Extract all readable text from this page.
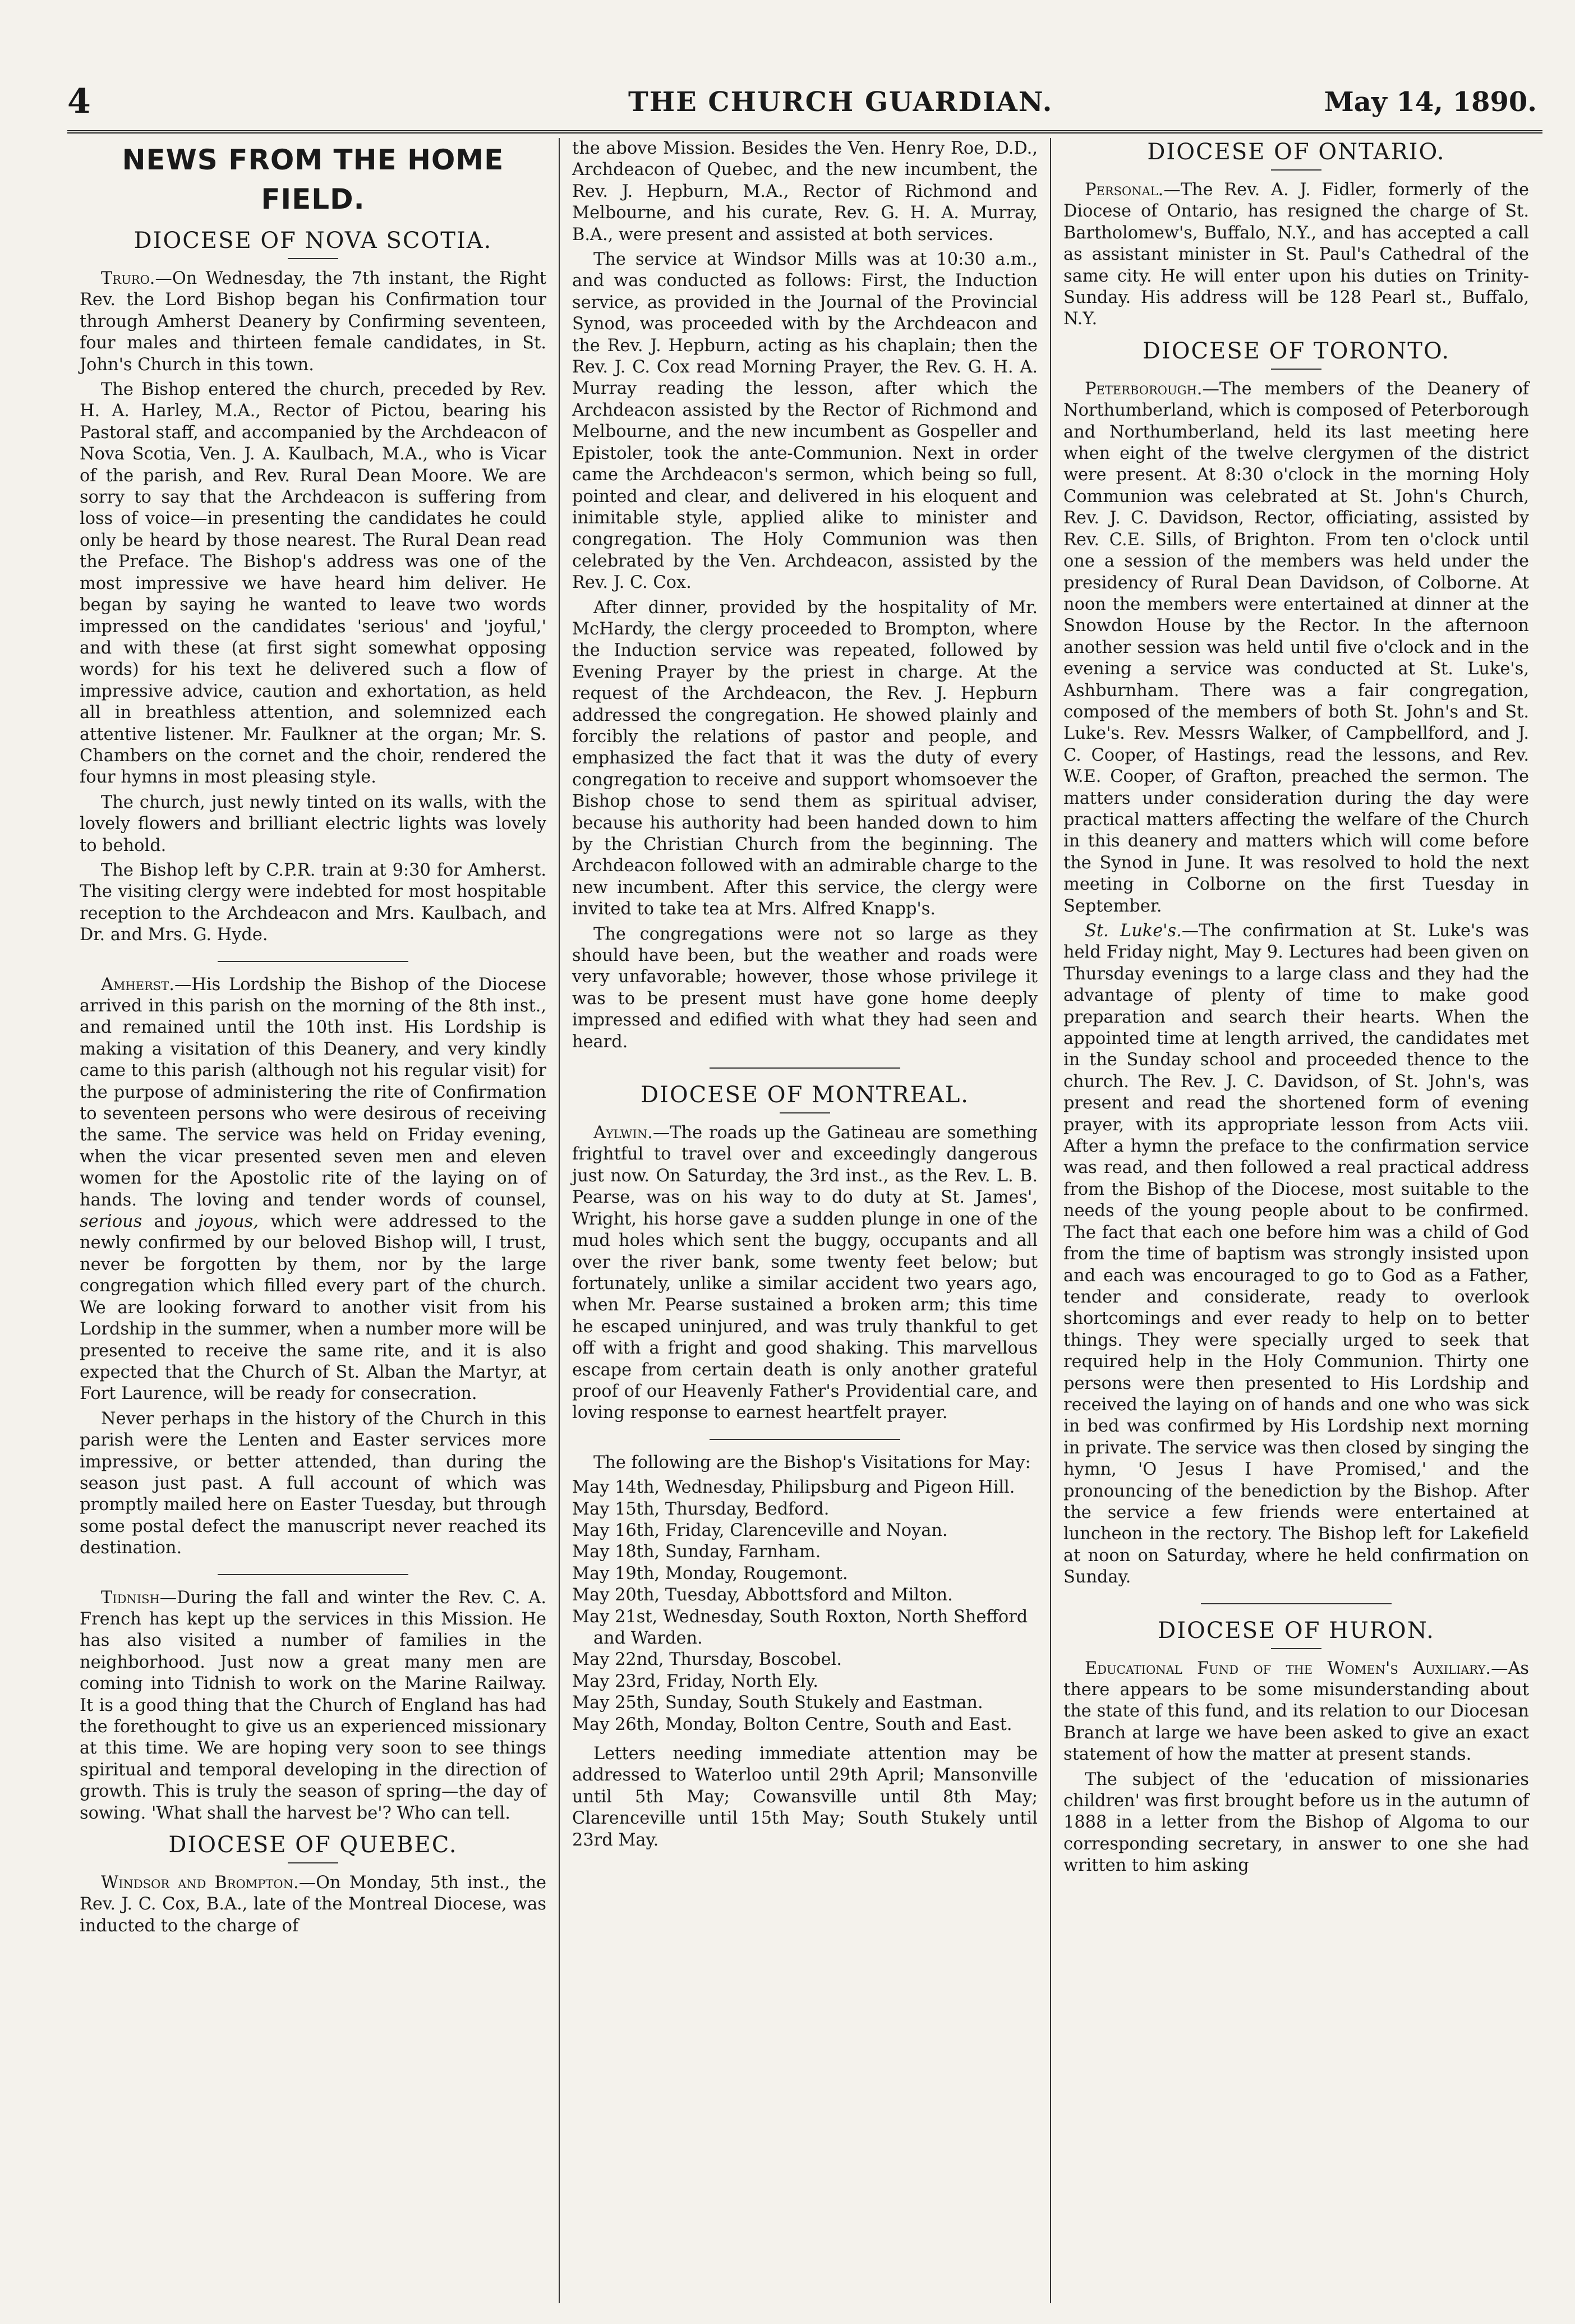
4	THE CHURCH GUARDIAN.	May 14, 1890.
NEWS FROM THE HOME FIELD.
DIOCESE OF NOVA SCOTIA.

Truro.—On Wednesday, the 7th instant, the Right Rev. the Lord Bishop began his Confirmation tour through Amherst Deanery by Confirming seventeen, four males and thirteen female candidates, in St. John's Church in this town.

The Bishop entered the church, preceded by Rev. H. A. Harley, M.A., Rector of Pictou, bearing his Pastoral staff, and accompanied by the Archdeacon of Nova Scotia, Ven. J. A. Kaulbach, M.A., who is Vicar of the parish, and Rev. Rural Dean Moore. We are sorry to say that the Archdeacon is suffering from loss of voice—in presenting the candidates he could only be heard by those nearest. The Rural Dean read the Preface. The Bishop's address was one of the most impressive we have heard him deliver. He began by saying he wanted to leave two words impressed on the candidates 'serious' and 'joyful,' and with these (at first sight somewhat opposing words) for his text he delivered such a flow of impressive advice, caution and exhortation, as held all in breathless attention, and solemnized each attentive listener. Mr. Faulkner at the organ; Mr. S. Chambers on the cornet and the choir, rendered the four hymns in most pleasing style.

The church, just newly tinted on its walls, with the lovely flowers and brilliant electric lights was lovely to behold.

The Bishop left by C.P.R. train at 9:30 for Amherst. The visiting clergy were indebted for most hospitable reception to the Archdeacon and Mrs. Kaulbach, and Dr. and Mrs. G. Hyde.

Amherst.—His Lordship the Bishop of the Diocese arrived in this parish on the morning of the 8th inst., and remained until the 10th inst. His Lordship is making a visitation of this Deanery, and very kindly came to this parish (although not his regular visit) for the purpose of administering the rite of Confirmation to seventeen persons who were desirous of receiving the same. The service was held on Friday evening, when the vicar presented seven men and eleven women for the Apostolic rite of the laying on of hands. The loving and tender words of counsel, serious and joyous, which were addressed to the newly confirmed by our beloved Bishop will, I trust, never be forgotten by them, nor by the large congregation which filled every part of the church. We are looking forward to another visit from his Lordship in the summer, when a number more will be presented to receive the same rite, and it is also expected that the Church of St. Alban the Martyr, at Fort Laurence, will be ready for consecration.

Never perhaps in the history of the Church in this parish were the Lenten and Easter services more impressive, or better attended, than during the season just past. A full account of which was promptly mailed here on Easter Tuesday, but through some postal defect the manuscript never reached its destination.

Tidnish—During the fall and winter the Rev. C. A. French has kept up the services in this Mission. He has also visited a number of families in the neighborhood. Just now a great many men are coming into Tidnish to work on the Marine Railway. It is a good thing that the Church of England has had the forethought to give us an experienced missionary at this time. We are hoping very soon to see things spiritual and temporal developing in the direction of growth. This is truly the season of spring—the day of sowing. 'What shall the harvest be'? Who can tell.

DIOCESE OF QUEBEC.

Windsor and Brompton.—On Monday, 5th inst., the Rev. J. C. Cox, B.A., late of the Montreal Diocese, was inducted to the charge of

the above Mission. Besides the Ven. Henry Roe, D.D., Archdeacon of Quebec, and the new incumbent, the Rev. J. Hepburn, M.A., Rector of Richmond and Melbourne, and his curate, Rev. G. H. A. Murray, B.A., were present and assisted at both services.

The service at Windsor Mills was at 10:30 a.m., and was conducted as follows: First, the Induction service, as provided in the Journal of the Provincial Synod, was proceeded with by the Archdeacon and the Rev. J. Hepburn, acting as his chaplain; then the Rev. J. C. Cox read Morning Prayer, the Rev. G. H. A. Murray reading the lesson, after which the Archdeacon assisted by the Rector of Richmond and Melbourne, and the new incumbent as Gospeller and Epistoler, took the ante-Communion. Next in order came the Archdeacon's sermon, which being so full, pointed and clear, and delivered in his eloquent and inimitable style, applied alike to minister and congregation. The Holy Communion was then celebrated by the Ven. Archdeacon, assisted by the Rev. J. C. Cox.

After dinner, provided by the hospitality of Mr. McHardy, the clergy proceeded to Brompton, where the Induction service was repeated, followed by Evening Prayer by the priest in charge. At the request of the Archdeacon, the Rev. J. Hepburn addressed the congregation. He showed plainly and forcibly the relations of pastor and people, and emphasized the fact that it was the duty of every congregation to receive and support whomsoever the Bishop chose to send them as spiritual adviser, because his authority had been handed down to him by the Christian Church from the beginning. The Archdeacon followed with an admirable charge to the new incumbent. After this service, the clergy were invited to take tea at Mrs. Alfred Knapp's.

The congregations were not so large as they should have been, but the weather and roads were very unfavorable; however, those whose privilege it was to be present must have gone home deeply impressed and edified with what they had seen and heard.

DIOCESE OF MONTREAL.

Aylwin.—The roads up the Gatineau are something frightful to travel over and exceedingly dangerous just now. On Saturday, the 3rd inst., as the Rev. L. B. Pearse, was on his way to do duty at St. James', Wright, his horse gave a sudden plunge in one of the mud holes which sent the buggy, occupants and all over the river bank, some twenty feet below; but fortunately, unlike a similar accident two years ago, when Mr. Pearse sustained a broken arm; this time he escaped uninjured, and was truly thankful to get off with a fright and good shaking. This marvellous escape from certain death is only another grateful proof of our Heavenly Father's Providential care, and loving response to earnest heartfelt prayer.

The following are the Bishop's Visitations for May:

May 14th, Wednesday, Philipsburg and Pigeon Hill.

May 15th, Thursday, Bedford.

May 16th, Friday, Clarenceville and Noyan.

May 18th, Sunday, Farnham.

May 19th, Monday, Rougemont.

May 20th, Tuesday, Abbottsford and Milton.

May 21st, Wednesday, South Roxton, North Shefford and Warden.

May 22nd, Thursday, Boscobel.

May 23rd, Friday, North Ely.

May 25th, Sunday, South Stukely and Eastman.

May 26th, Monday, Bolton Centre, South and East.

Letters needing immediate attention may be addressed to Waterloo until 29th April; Mansonville until 5th May; Cowansville until 8th May; Clarenceville until 15th May; South Stukely until 23rd May.

DIOCESE OF ONTARIO.

Personal.—The Rev. A. J. Fidler, formerly of the Diocese of Ontario, has resigned the charge of St. Bartholomew's, Buffalo, N.Y., and has accepted a call as assistant minister in St. Paul's Cathedral of the same city. He will enter upon his duties on Trinity-Sunday. His address will be 128 Pearl st., Buffalo, N.Y.

DIOCESE OF TORONTO.

Peterborough.—The members of the Deanery of Northumberland, which is composed of Peterborough and Northumberland, held its last meeting here when eight of the twelve clergymen of the district were present. At 8:30 o'clock in the morning Holy Communion was celebrated at St. John's Church, Rev. J. C. Davidson, Rector, officiating, assisted by Rev. C.E. Sills, of Brighton. From ten o'clock until one a session of the members was held under the presidency of Rural Dean Davidson, of Colborne. At noon the members were entertained at dinner at the Snowdon House by the Rector. In the afternoon another session was held until five o'clock and in the evening a service was conducted at St. Luke's, Ashburnham. There was a fair congregation, composed of the members of both St. John's and St. Luke's. Rev. Messrs Walker, of Campbellford, and J. C. Cooper, of Hastings, read the lessons, and Rev. W.E. Cooper, of Grafton, preached the sermon. The matters under consideration during the day were practical matters affecting the welfare of the Church in this deanery and matters which will come before the Synod in June. It was resolved to hold the next meeting in Colborne on the first Tuesday in September.

St. Luke's.—The confirmation at St. Luke's was held Friday night, May 9. Lectures had been given on Thursday evenings to a large class and they had the advantage of plenty of time to make good preparation and search their hearts. When the appointed time at length arrived, the candidates met in the Sunday school and proceeded thence to the church. The Rev. J. C. Davidson, of St. John's, was present and read the shortened form of evening prayer, with its appropriate lesson from Acts viii. After a hymn the preface to the confirmation service was read, and then followed a real practical address from the Bishop of the Diocese, most suitable to the needs of the young people about to be confirmed. The fact that each one before him was a child of God from the time of baptism was strongly insisted upon and each was encouraged to go to God as a Father, tender and considerate, ready to overlook shortcomings and ever ready to help on to better things. They were specially urged to seek that required help in the Holy Communion. Thirty one persons were then presented to His Lordship and received the laying on of hands and one who was sick in bed was confirmed by His Lordship next morning in private. The service was then closed by singing the hymn, 'O Jesus I have Promised,' and the pronouncing of the benediction by the Bishop. After the service a few friends were entertained at luncheon in the rectory. The Bishop left for Lakefield at noon on Saturday, where he held confirmation on Sunday.

DIOCESE OF HURON.

Educational Fund of the Women's Auxiliary.—As there appears to be some misunderstanding about the state of this fund, and its relation to our Diocesan Branch at large we have been asked to give an exact statement of how the matter at present stands.

The subject of the 'education of missionaries children' was first brought before us in the autumn of 1888 in a letter from the Bishop of Algoma to our corresponding secretary, in answer to one she had written to him asking
